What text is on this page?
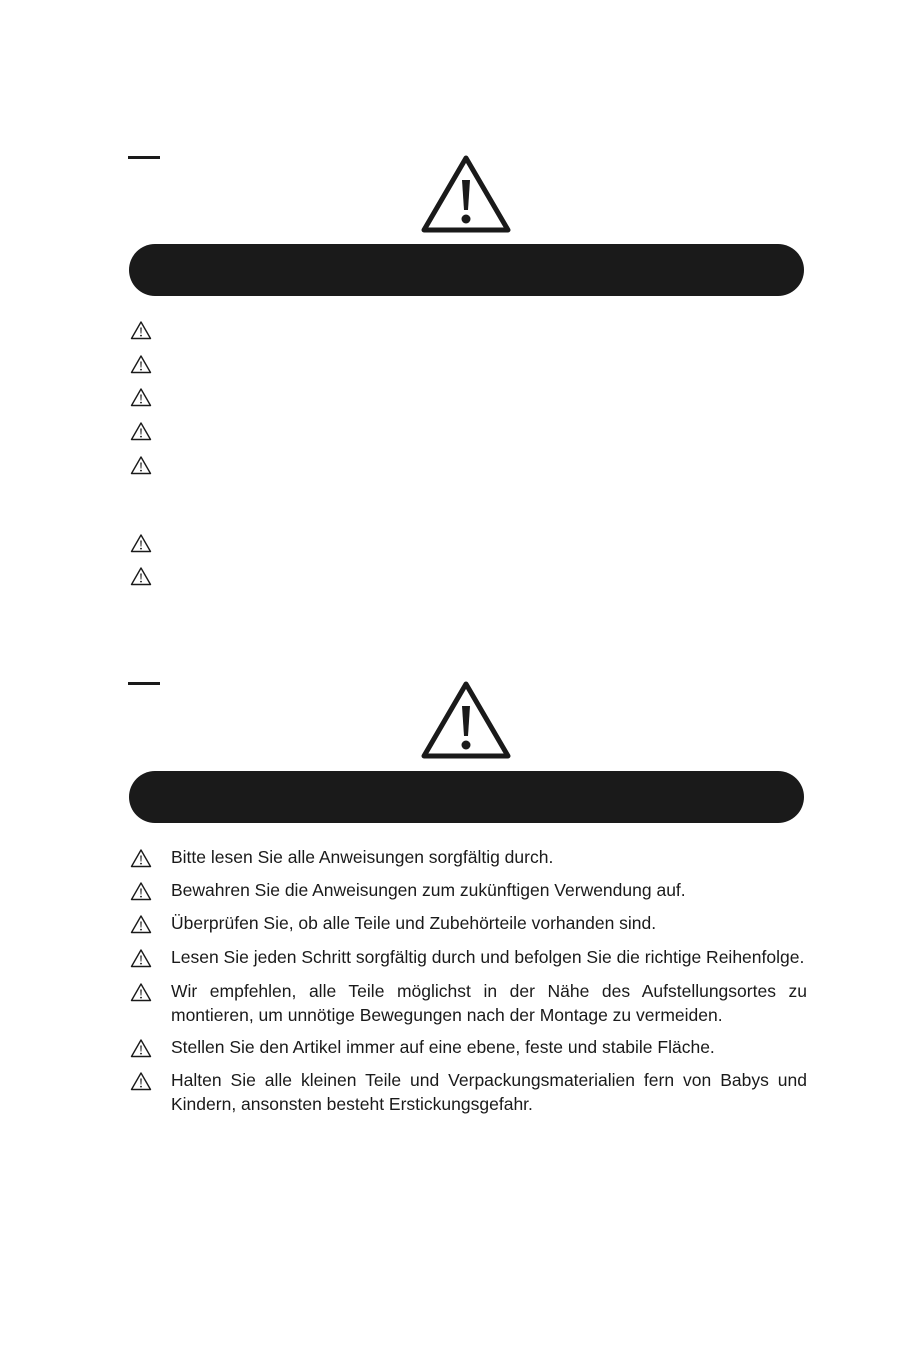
Bitte lesen Sie alle Anweisungen sorgfältig durch.
Bewahren Sie die Anweisungen zum zukünftigen Verwendung auf.
Überprüfen Sie, ob alle Teile und Zubehörteile vorhanden sind.
Lesen Sie jeden Schritt sorgfältig durch und befolgen Sie die richtige Reihenfolge.
Wir empfehlen, alle Teile möglichst in der Nähe des Aufstellungsortes zu montieren, um unnötige Bewegungen nach der Montage zu vermeiden.
Stellen Sie den Artikel immer auf eine ebene, feste und stabile Fläche.
Halten Sie alle kleinen Teile und Verpackungsmaterialien fern von Babys und Kindern, ansonsten besteht Erstickungsgefahr.
